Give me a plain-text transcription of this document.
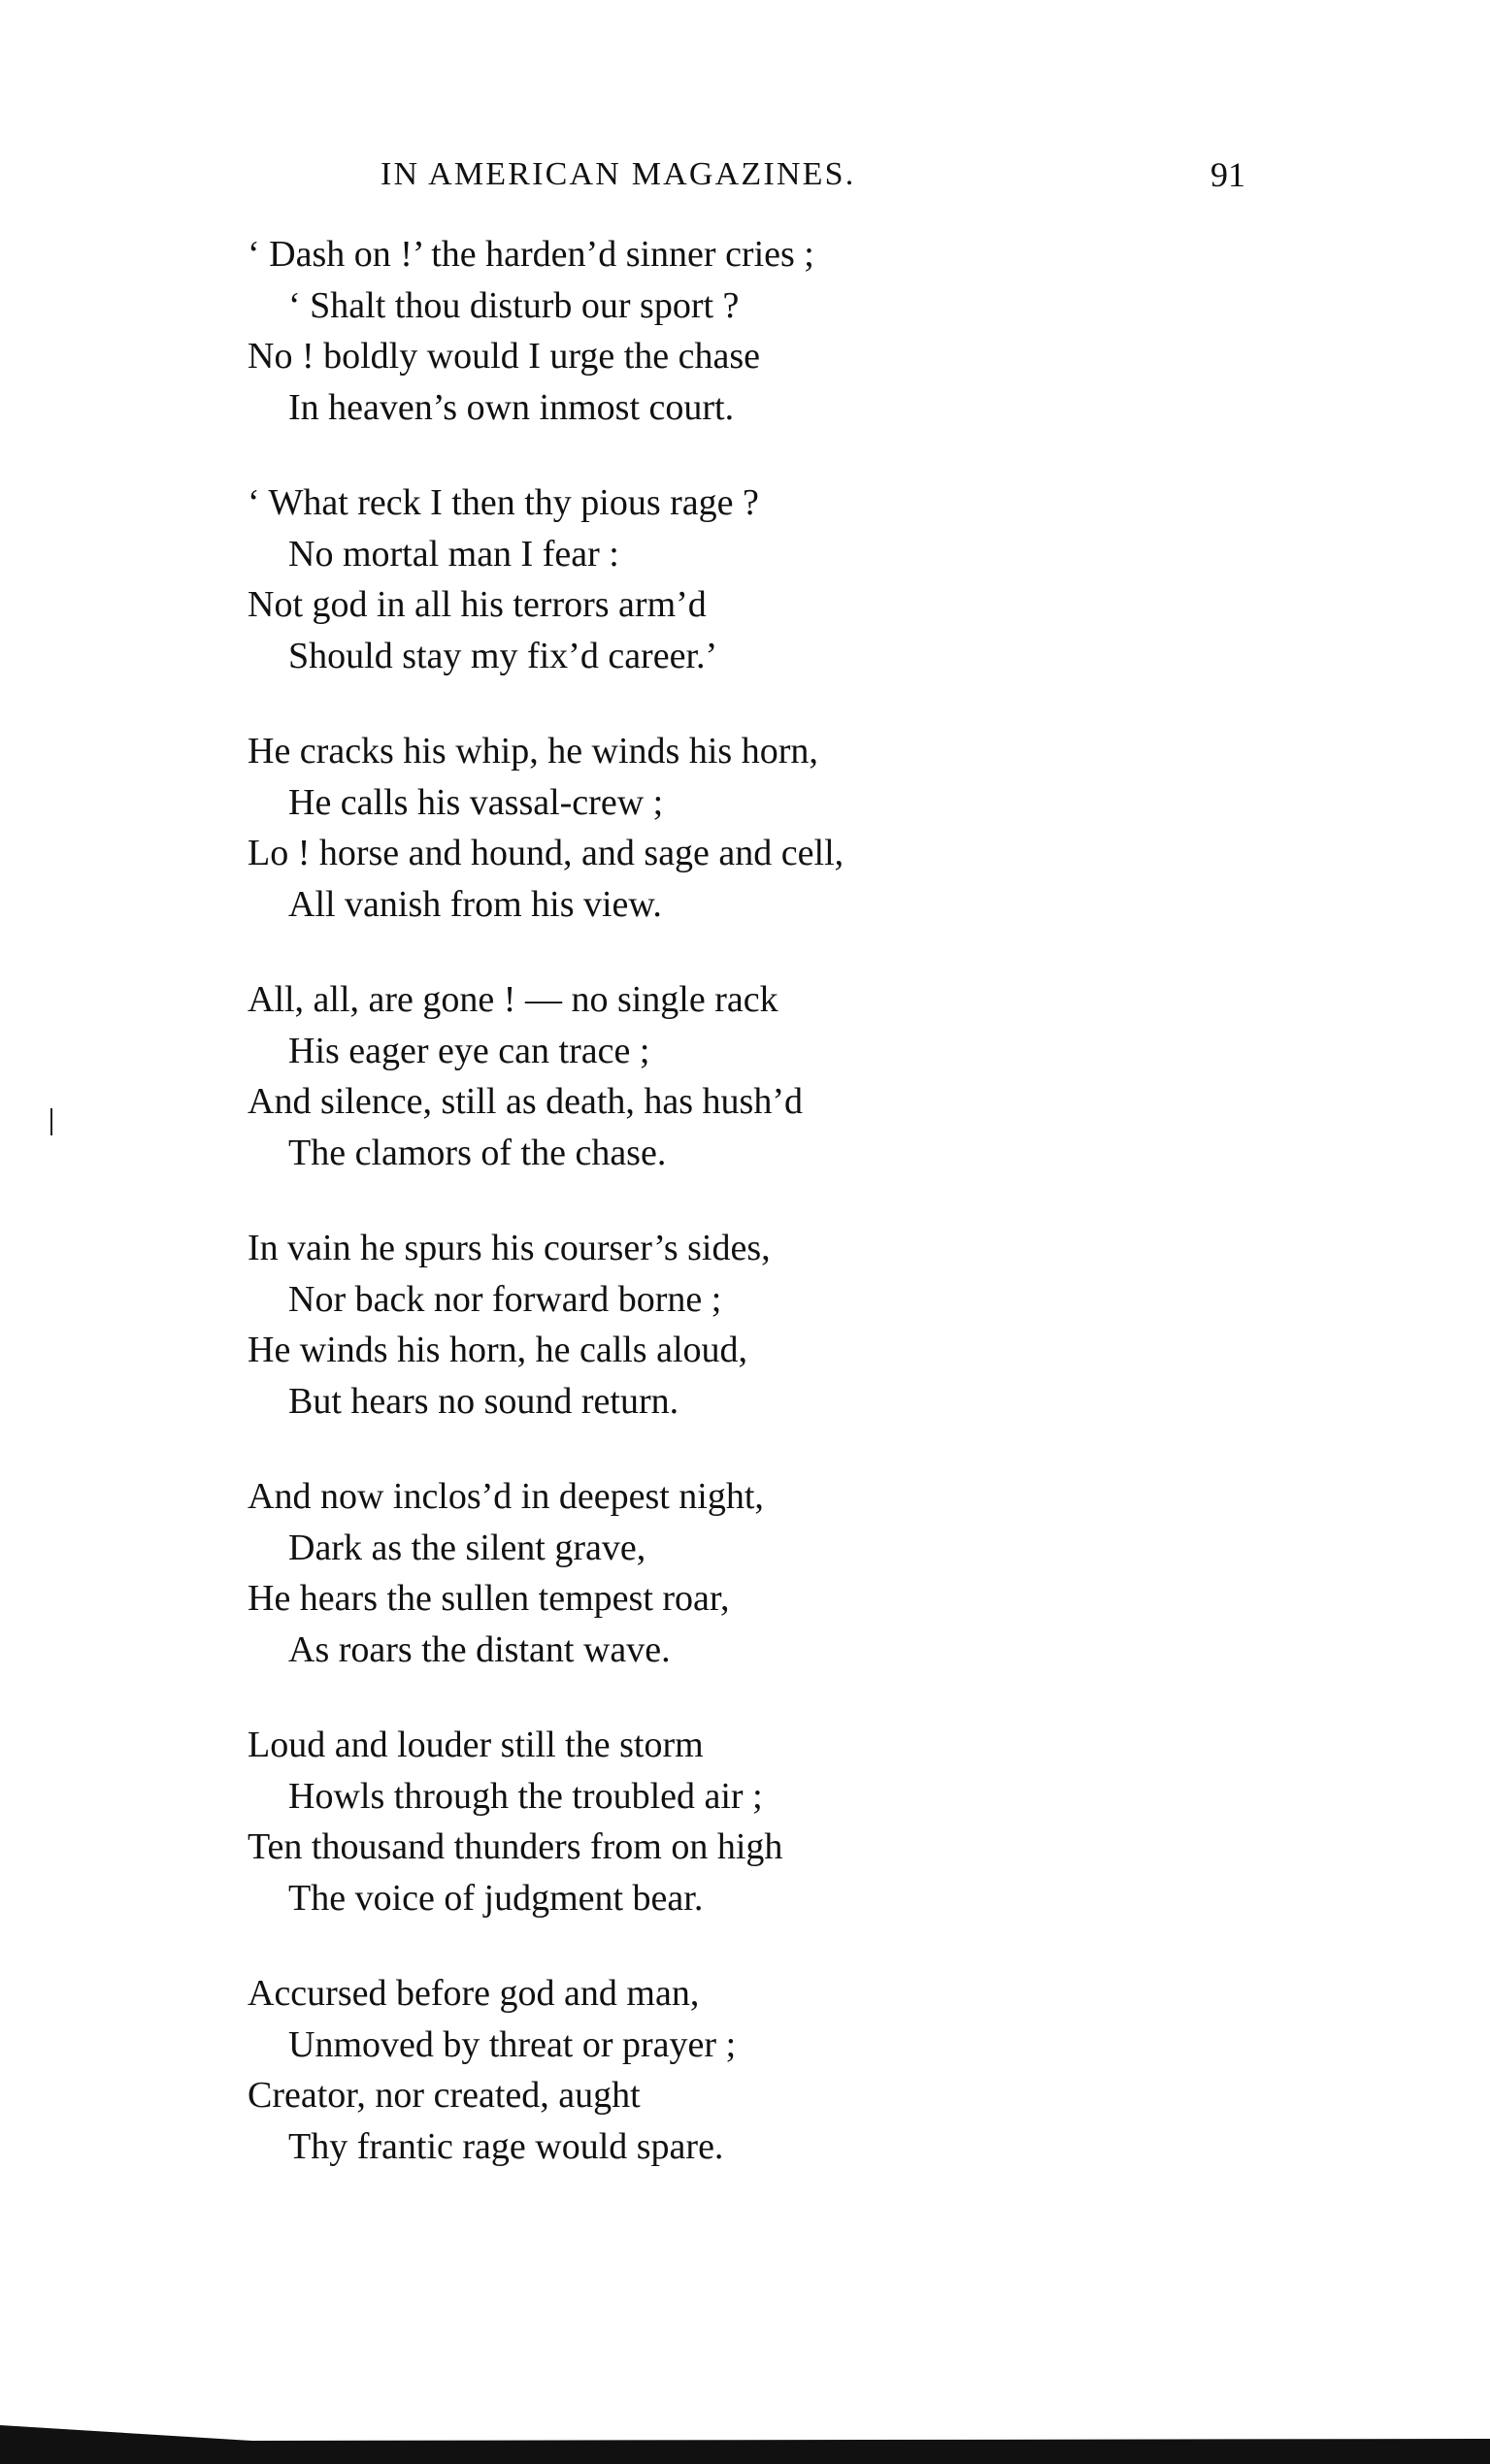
IN AMERICAN MAGAZINES.	91
‘ Dash on !’ the harden’d sinner cries ;
‘ Shalt thou disturb our sport ?
No ! boldly would I urge the chase
In heaven’s own inmost court.
‘ What reck I then thy pious rage ?
No mortal man I fear :
Not god in all his terrors arm’d
Should stay my fix’d career.’
He cracks his whip, he winds his horn,
He calls his vassal-crew ;
Lo ! horse and hound, and sage and cell,
All vanish from his view.
All, all, are gone ! — no single rack
His eager eye can trace ;
And silence, still as death, has hush’d
The clamors of the chase.
In vain he spurs his courser’s sides,
Nor back nor forward borne ;
He winds his horn, he calls aloud,
But hears no sound return.
And now inclos’d in deepest night,
Dark as the silent grave,
He hears the sullen tempest roar,
As roars the distant wave.
Loud and louder still the storm
Howls through the troubled air ;
Ten thousand thunders from on high
The voice of judgment bear.
Accursed before god and man,
Unmoved by threat or prayer ;
Creator, nor created, aught
Thy frantic rage would spare.
